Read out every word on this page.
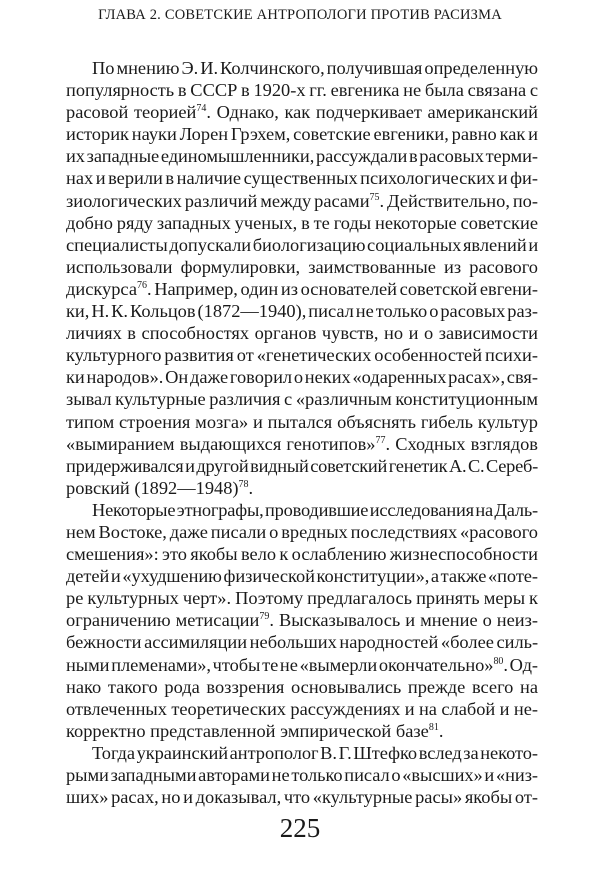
ГЛАВА 2. СОВЕТСКИЕ АНТРОПОЛОГИ ПРОТИВ РАСИЗМА
По мнению Э. И. Колчинского, получившая определенную
популярность в СССР в 1920-х гг. евгеника не была связана с
расовой теорией$^{74}$. Однако, как подчеркивает американский
историк науки Лорен Грэхем, советские евгеники, равно как и
их западные единомышленники, рассуждали в расовых терми-
нах и верили в наличие существенных психологических и фи-
зиологических различий между расами$^{75}$. Действительно, по-
добно ряду западных ученых, в те годы некоторые советские
специалисты допускали биологизацию социальных явлений и
использовали формулировки, заимствованные из расового
дискурса$^{76}$. Например, один из основателей советской евгени-
ки, Н. К. Кольцов (1872—1940), писал не только о расовых раз-
личиях в способностях органов чувств, но и о зависимости
культурного развития от «генетических особенностей психи-
ки народов». Он даже говорил о неких «одаренных расах», свя-
зывал культурные различия с «различным конституционным
типом строения мозга» и пытался объяснять гибель культур
«вымиранием выдающихся генотипов»$^{77}$. Сходных взглядов
придерживался и другой видный советский генетик А. С. Сереб-
ровский (1892—1948)$^{78}$.
Некоторые этнографы, проводившие исследования на Даль-
нем Востоке, даже писали о вредных последствиях «расового
смешения»: это якобы вело к ослаблению жизнеспособности
детей и «ухудшению физической конституции», а также «поте-
ре культурных черт». Поэтому предлагалось принять меры к
ограничению метисации$^{79}$. Высказывалось и мнение о неиз-
бежности ассимиляции небольших народностей «более силь-
ными племенами», чтобы те не «вымерли окончательно»$^{80}$. Од-
нако такого рода воззрения основывались прежде всего на
отвлеченных теоретических рассуждениях и на слабой и не-
корректно представленной эмпирической базе$^{81}$.
Тогда украинский антрополог В. Г. Штефко вслед за некото-
рыми западными авторами не только писал о «высших» и «низ-
ших» расах, но и доказывал, что «культурные расы» якобы от-
225
